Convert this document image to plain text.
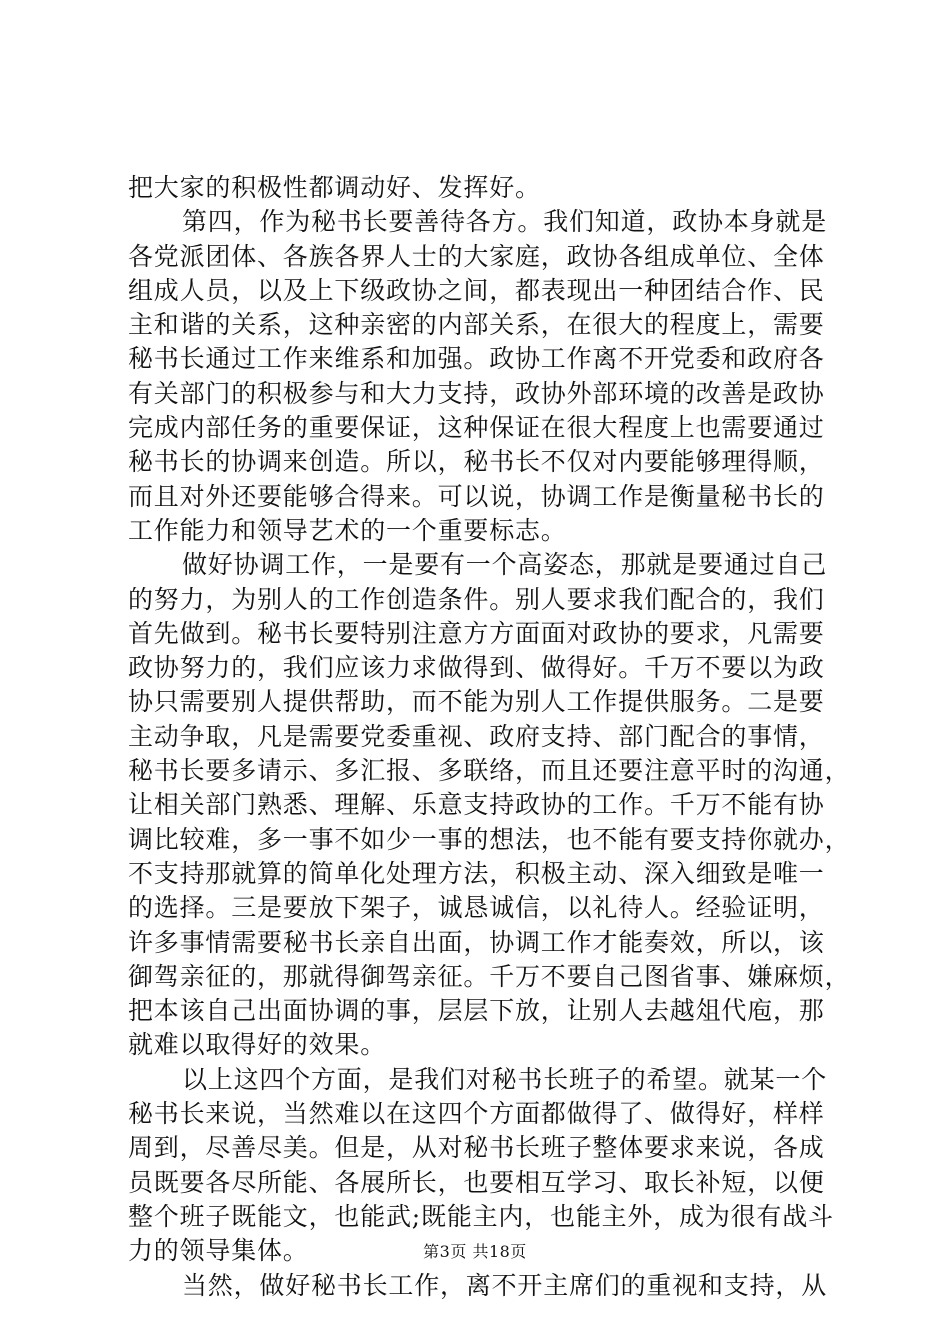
把大家的积极性都调动好、发挥好。
第四，作为秘书长要善待各方。我们知道，政协本身就是
各党派团体、各族各界人士的大家庭，政协各组成单位、全体
组成人员，以及上下级政协之间，都表现出一种团结合作、民
主和谐的关系，这种亲密的内部关系，在很大的程度上，需要
秘书长通过工作来维系和加强。政协工作离不开党委和政府各
有关部门的积极参与和大力支持，政协外部环境的改善是政协
完成内部任务的重要保证，这种保证在很大程度上也需要通过
秘书长的协调来创造。所以，秘书长不仅对内要能够理得顺，
而且对外还要能够合得来。可以说，协调工作是衡量秘书长的
工作能力和领导艺术的一个重要标志。
做好协调工作，一是要有一个高姿态，那就是要通过自己
的努力，为别人的工作创造条件。别人要求我们配合的，我们
首先做到。秘书长要特别注意方方面面对政协的要求，凡需要
政协努力的，我们应该力求做得到、做得好。千万不要以为政
协只需要别人提供帮助，而不能为别人工作提供服务。二是要
主动争取，凡是需要党委重视、政府支持、部门配合的事情，
秘书长要多请示、多汇报、多联络，而且还要注意平时的沟通，
让相关部门熟悉、理解、乐意支持政协的工作。千万不能有协
调比较难，多一事不如少一事的想法，也不能有要支持你就办，
不支持那就算的简单化处理方法，积极主动、深入细致是唯一
的选择。三是要放下架子，诚恳诚信，以礼待人。经验证明，
许多事情需要秘书长亲自出面，协调工作才能奏效，所以，该
御驾亲征的，那就得御驾亲征。千万不要自己图省事、嫌麻烦，
把本该自己出面协调的事，层层下放，让别人去越俎代庖，那
就难以取得好的效果。
以上这四个方面，是我们对秘书长班子的希望。就某一个
秘书长来说，当然难以在这四个方面都做得了、做得好，样样
周到，尽善尽美。但是，从对秘书长班子整体要求来说，各成
员既要各尽所能、各展所长，也要相互学习、取长补短，以便
整个班子既能文，也能武;既能主内，也能主外，成为很有战斗
力的领导集体。
当然，做好秘书长工作，离不开主席们的重视和支持，从
第3页 共18页
